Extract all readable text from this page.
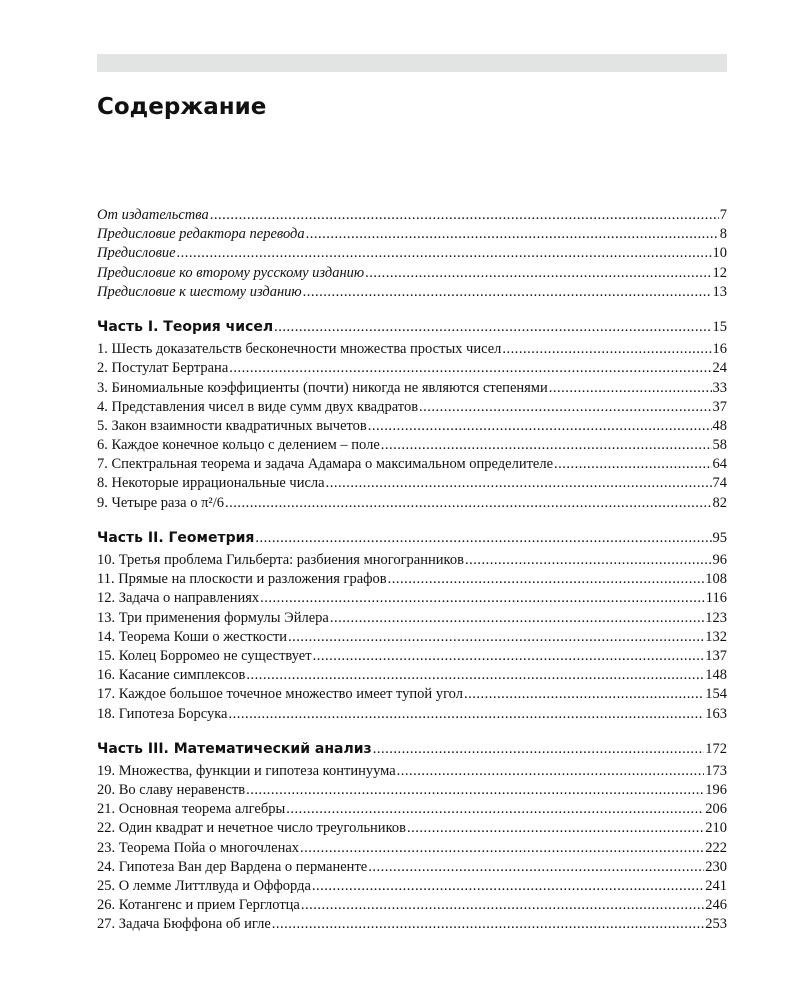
Содержание
От издательства .....	7
Предисловие редактора перевода .....	8
Предисловие .....	10
Предисловие ко второму русскому изданию .....	12
Предисловие к шестому изданию .....	13
Часть I. Теория чисел .....	15
1. Шесть доказательств бесконечности множества простых чисел .....	16
2. Постулат Бертрана .....	24
3. Биномиальные коэффициенты (почти) никогда не являются степенями .....	33
4. Представления чисел в виде сумм двух квадратов .....	37
5. Закон взаимности квадратичных вычетов .....	48
6. Каждое конечное кольцо с делением – поле .....	58
7. Спектральная теорема и задача Адамара о максимальном определителе .....	64
8. Некоторые иррациональные числа .....	74
9. Четыре раза о π²/6 .....	82
Часть II. Геометрия .....	95
10. Третья проблема Гильберта: разбиения многогранников .....	96
11. Прямые на плоскости и разложения графов .....	108
12. Задача о направлениях .....	116
13. Три применения формулы Эйлера .....	123
14. Теорема Коши о жесткости .....	132
15. Колец Борромео не существует .....	137
16. Касание симплексов .....	148
17. Каждое большое точечное множество имеет тупой угол .....	154
18. Гипотеза Борсука .....	163
Часть III. Математический анализ .....	172
19. Множества, функции и гипотеза континуума .....	173
20. Во славу неравенств .....	196
21. Основная теорема алгебры .....	206
22. Один квадрат и нечетное число треугольников .....	210
23. Теорема Пойа о многочленах .....	222
24. Гипотеза Ван дер Вардена о перманенте .....	230
25. О лемме Литтлвуда и Оффорда .....	241
26. Котангенс и прием Герглотца .....	246
27. Задача Бюффона об игле .....	253
